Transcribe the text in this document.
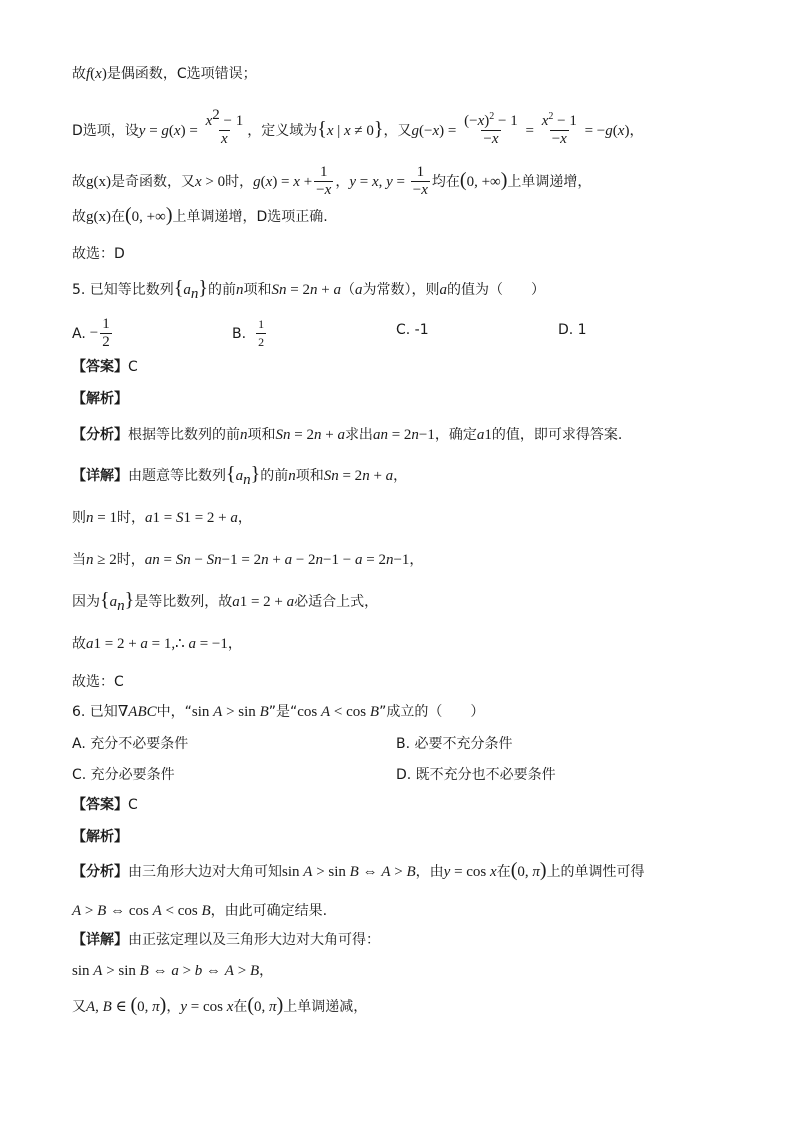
故 f ( x ) 是偶函数，C选项错误；
D选项，设 y = g ( x ) = $\frac{x^2 - 1}{x}$ ，定义域为 {x | x ≠ 0} ，又 g (− x ) = $\frac{(-x)^2 - 1}{-x} = \frac{x^2 - 1}{-x}$ = − g ( x ) ，
故 g(x) 是奇函数，又 x > 0 时， g ( x ) = $x + \frac{1}{-x}$ ， y = x , $y = \frac{1}{-x}$ 均在 (0, +∞) 上单调递增，
故 g(x) 在 (0, +∞) 上单调递增，D选项正确.
故选：D
5. 已知等比数列 $\{a_n\}$ 的前 n 项和 S n = 2 n + a （ a 为常数），则 a 的值为（　　）
A. − $\frac{1}{2}$	B. $\frac{1}{2}$	C. -1	D. 1
【答案】 C
【解析】
【分析】 根据等比数列的前 n 项和 S n = 2 n + a 求出 a n = 2 n−1 ，确定 a 1 的值，即可求得答案.
【详解】 由题意等比数列 $\{a_n\}$ 的前 n 项和 S n = 2 n + a ，
则 n = 1 时， a 1 = S 1 = 2 + a ，
当 n ≥ 2 时， a n = S n − S n−1 = 2 n + a − 2 n−1 − a = 2 n−1 ，
因为 $\{a_n\}$ 是等比数列，故 a 1 = 2 + a 必适合上式，
故 a 1 = 2 + a = 1,∴ a = −1 ，
故选：C
6. 已知 ∇ ABC 中，“ sin A > sin B ”是“ cos A < cos B ”成立的（　　）
A. 充分不必要条件	B. 必要不充分条件
C. 充分必要条件	D. 既不充分也不必要条件
【答案】 C
【解析】
【分析】 由三角形大边对大角可知 sin A > sin B ⇔ A > B ，由 y = cos x 在 (0, π) 上的单调性可得
A > B ⇔ cos A < cos B ，由此可确定结果.
【详解】 由正弦定理以及三角形大边对大角可得：
sin A > sin B ⇔ a > b ⇔ A > B ，
又 A , B ∈ (0, π) ， y = cos x 在 (0, π) 上单调递减，
